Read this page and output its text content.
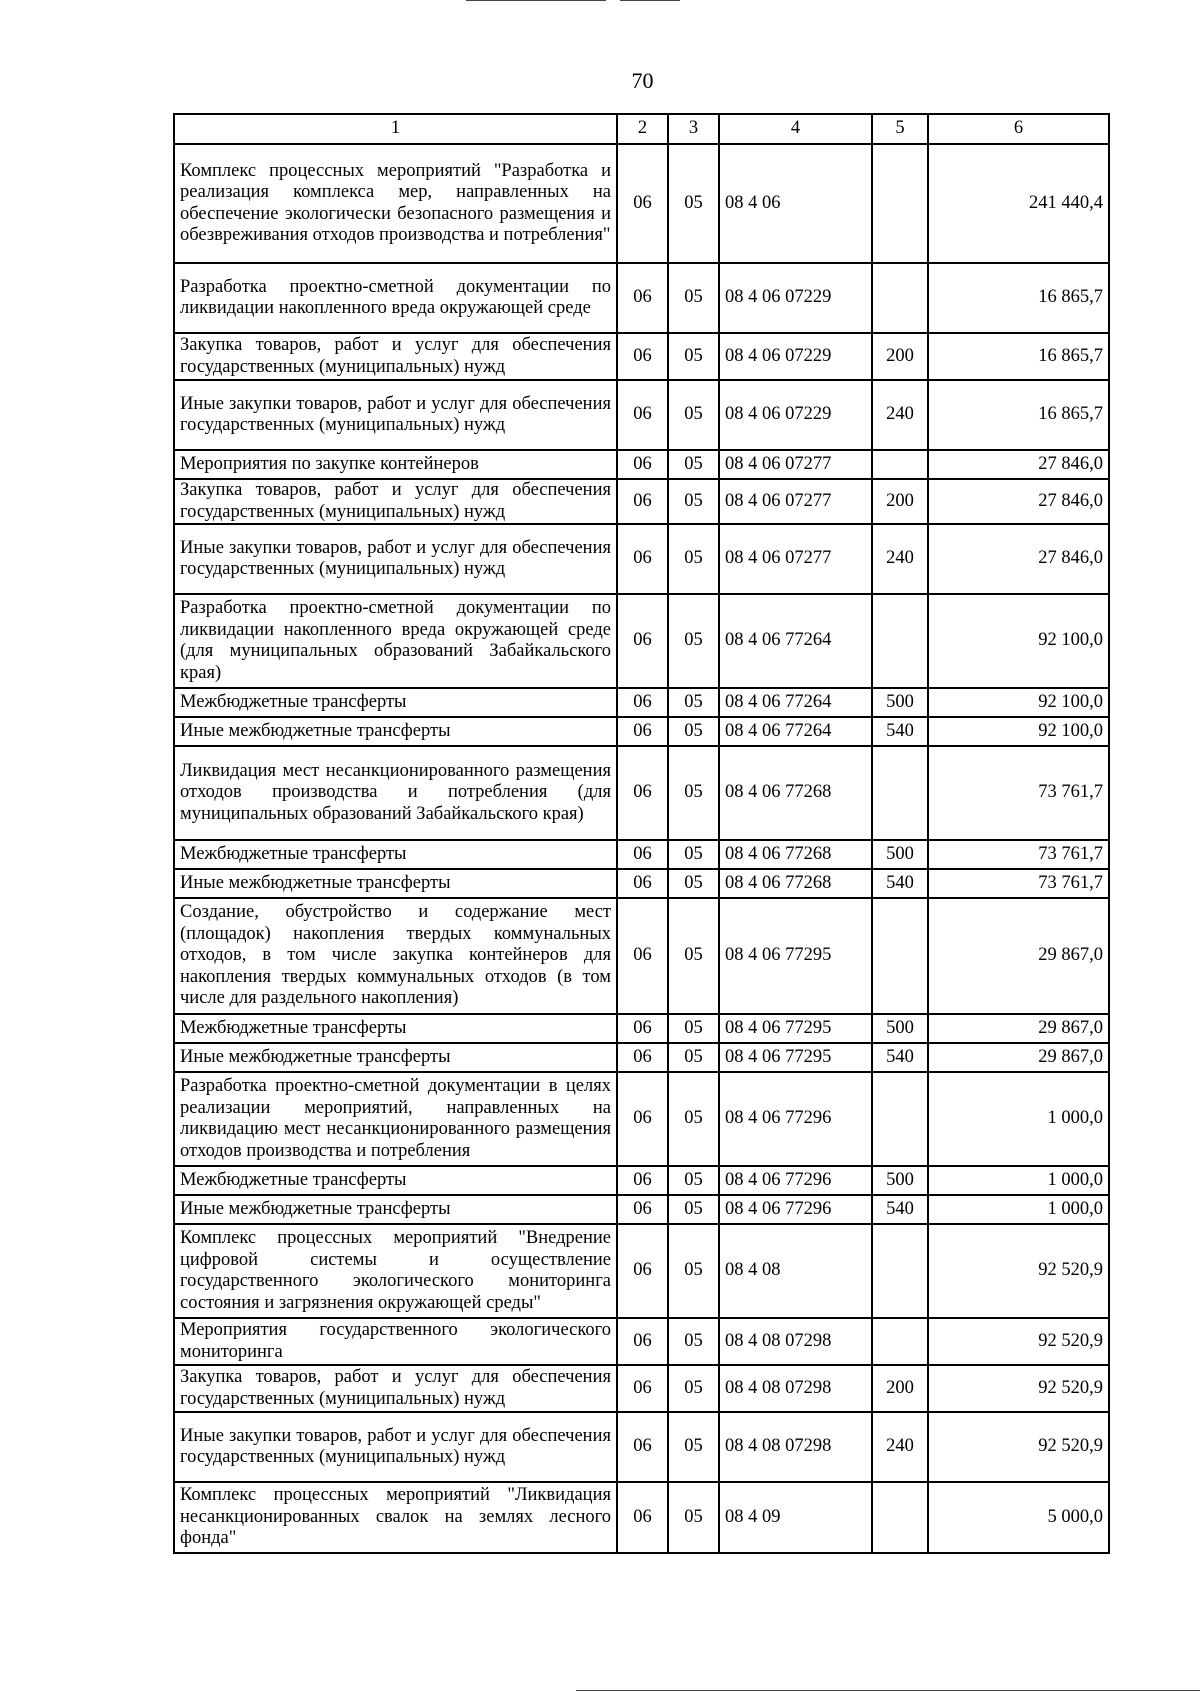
70
1	2	3	4	5	6
Комплекс процессных мероприятий "Разработка и реализация комплекса мер, направленных на обеспечение экологически безопасного размещения и обезвреживания отходов производства и потребления"	06	05	08 4 06		241 440,4
Разработка проектно-сметной документации по ликвидации накопленного вреда окружающей среде	06	05	08 4 06 07229		16 865,7
Закупка товаров, работ и услуг для обеспечения государственных (муниципальных) нужд	06	05	08 4 06 07229	200	16 865,7
Иные закупки товаров, работ и услуг для обеспечения государственных (муниципальных) нужд	06	05	08 4 06 07229	240	16 865,7
Мероприятия по закупке контейнеров	06	05	08 4 06 07277		27 846,0
Закупка товаров, работ и услуг для обеспечения государственных (муниципальных) нужд	06	05	08 4 06 07277	200	27 846,0
Иные закупки товаров, работ и услуг для обеспечения государственных (муниципальных) нужд	06	05	08 4 06 07277	240	27 846,0
Разработка проектно-сметной документации по ликвидации накопленного вреда окружающей среде (для муниципальных образований Забайкальского края)	06	05	08 4 06 77264		92 100,0
Межбюджетные трансферты	06	05	08 4 06 77264	500	92 100,0
Иные межбюджетные трансферты	06	05	08 4 06 77264	540	92 100,0
Ликвидация мест несанкционированного размещения отходов производства и потребления (для муниципальных образований Забайкальского края)	06	05	08 4 06 77268		73 761,7
Межбюджетные трансферты	06	05	08 4 06 77268	500	73 761,7
Иные межбюджетные трансферты	06	05	08 4 06 77268	540	73 761,7
Создание, обустройство и содержание мест (площадок) накопления твердых коммунальных отходов, в том числе закупка контейнеров для накопления твердых коммунальных отходов (в том числе для раздельного накопления)	06	05	08 4 06 77295		29 867,0
Межбюджетные трансферты	06	05	08 4 06 77295	500	29 867,0
Иные межбюджетные трансферты	06	05	08 4 06 77295	540	29 867,0
Разработка проектно-сметной документации в целях реализации мероприятий, направленных на ликвидацию мест несанкционированного размещения отходов производства и потребления	06	05	08 4 06 77296		1 000,0
Межбюджетные трансферты	06	05	08 4 06 77296	500	1 000,0
Иные межбюджетные трансферты	06	05	08 4 06 77296	540	1 000,0
Комплекс процессных мероприятий "Внедрение цифровой системы и осуществление государственного экологического мониторинга состояния и загрязнения окружающей среды"	06	05	08 4 08		92 520,9
Мероприятия государственного экологического мониторинга	06	05	08 4 08 07298		92 520,9
Закупка товаров, работ и услуг для обеспечения государственных (муниципальных) нужд	06	05	08 4 08 07298	200	92 520,9
Иные закупки товаров, работ и услуг для обеспечения государственных (муниципальных) нужд	06	05	08 4 08 07298	240	92 520,9
Комплекс процессных мероприятий "Ликвидация несанкционированных свалок на землях лесного фонда"	06	05	08 4 09		5 000,0
